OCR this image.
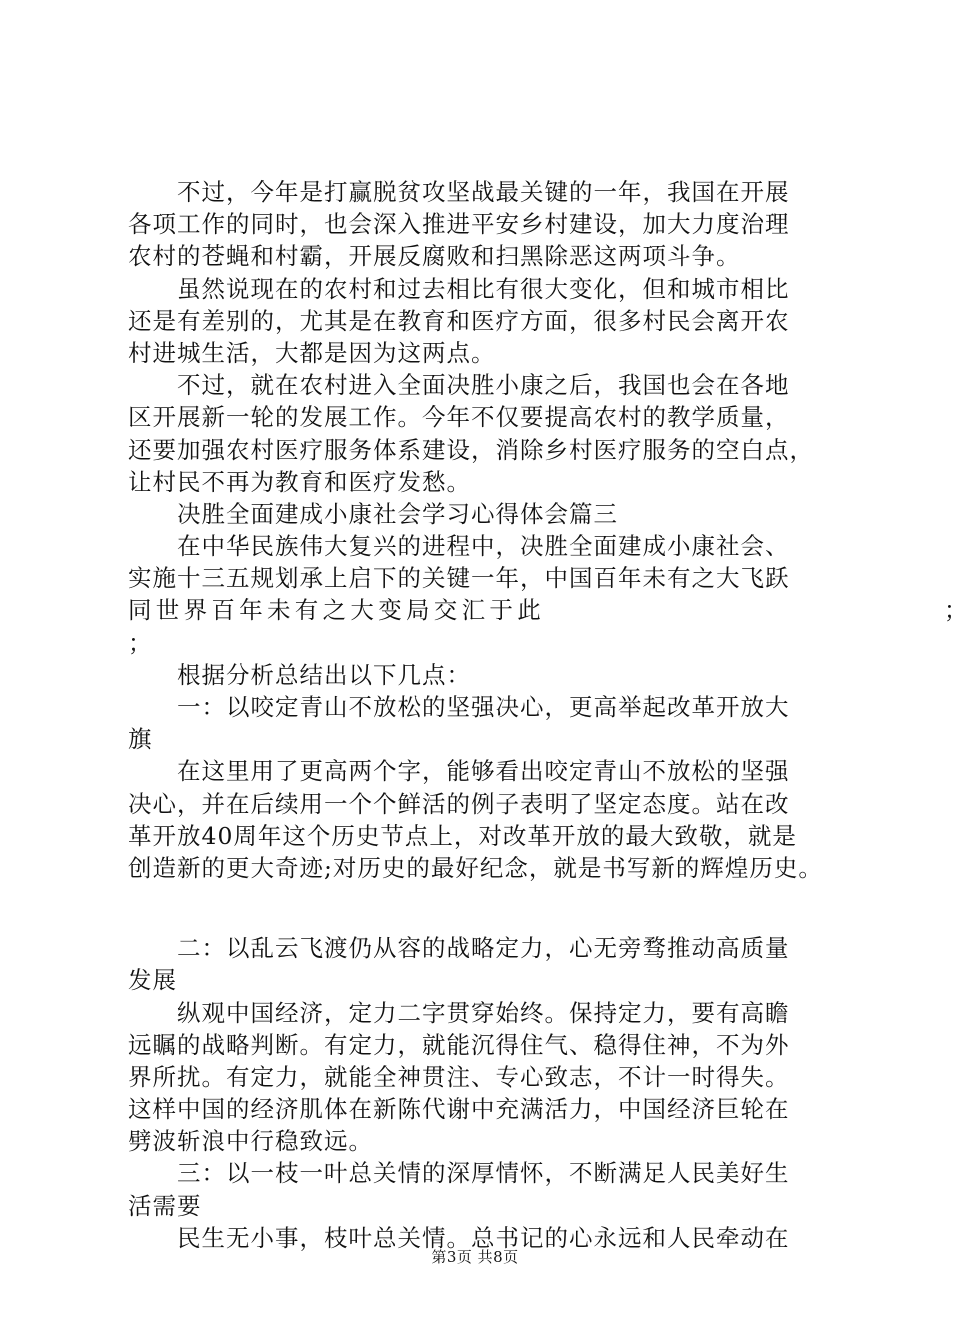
　　不过，今年是打赢脱贫攻坚战最关键的一年，我国在开展
各项工作的同时，也会深入推进平安乡村建设，加大力度治理
农村的苍蝇和村霸，开展反腐败和扫黑除恶这两项斗争。
　　虽然说现在的农村和过去相比有很大变化，但和城市相比
还是有差别的，尤其是在教育和医疗方面，很多村民会离开农
村进城生活，大都是因为这两点。
　　不过，就在农村进入全面决胜小康之后，我国也会在各地
区开展新一轮的发展工作。今年不仅要提高农村的教学质量，
还要加强农村医疗服务体系建设，消除乡村医疗服务的空白点，
让村民不再为教育和医疗发愁。
　　决胜全面建成小康社会学习心得体会篇三
　　在中华民族伟大复兴的进程中，决胜全面建成小康社会、
实施十三五规划承上启下的关键一年，中国百年未有之大飞跃
同世界百年未有之大变局交汇于此	；
；
　　根据分析总结出以下几点：
　　一：以咬定青山不放松的坚强决心，更高举起改革开放大
旗
　　在这里用了更高两个字，能够看出咬定青山不放松的坚强
决心，并在后续用一个个鲜活的例子表明了坚定态度。站在改
革开放40周年这个历史节点上，对改革开放的最大致敬，就是
创造新的更大奇迹;对历史的最好纪念，就是书写新的辉煌历史。
　　二：以乱云飞渡仍从容的战略定力，心无旁骛推动高质量
发展
　　纵观中国经济，定力二字贯穿始终。保持定力，要有高瞻
远瞩的战略判断。有定力，就能沉得住气、稳得住神，不为外
界所扰。有定力，就能全神贯注、专心致志，不计一时得失。
这样中国的经济肌体在新陈代谢中充满活力，中国经济巨轮在
劈波斩浪中行稳致远。
　　三：以一枝一叶总关情的深厚情怀，不断满足人民美好生
活需要
　　民生无小事，枝叶总关情。总书记的心永远和人民牵动在
第3页 共8页
